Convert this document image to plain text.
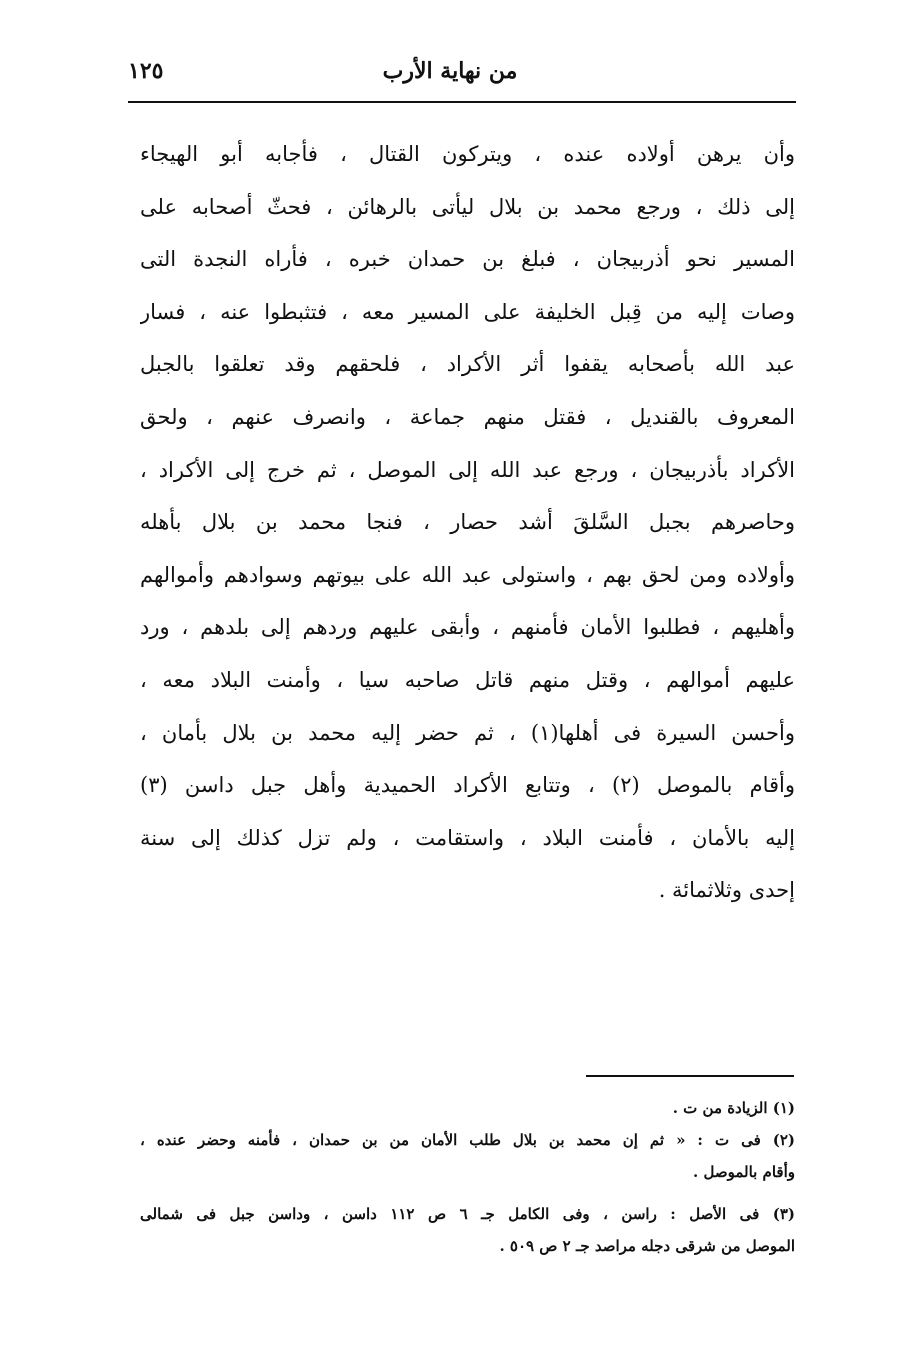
من نهاية الأرب
١٢٥
وأن يرهن أولاده عنده ، ويتركون القتال ، فأجابه أبو الهيجاء
إلى ذلك ، ورجع محمد بن بلال ليأتى بالرهائن ، فحثّ أصحابه على
المسير نحو أذربيجان ، فبلغ بن حمدان خبره ، فأراه النجدة التى
وصات إليه من قِبل الخليفة على المسير معه ، فتثبطوا عنه ، فسار
عبد الله بأصحابه يقفوا أثر الأكراد ، فلحقهم وقد تعلقوا بالجبل
المعروف بالقنديل ، فقتل منهم جماعة ، وانصرف عنهم ، ولحق
الأكراد بأذربيجان ، ورجع عبد الله إلى الموصل ، ثم خرج إلى الأكراد ،
وحاصرهم بجبل السَّلقَ أشد حصار ، فنجا محمد بن بلال بأهله
وأولاده ومن لحق بهم ، واستولى عبد الله على بيوتهم وسوادهم وأموالهم
وأهليهم ، فطلبوا الأمان فأمنهم ، وأبقى عليهم وردهم إلى بلدهم ، ورد
عليهم أموالهم ، وقتل منهم قاتل صاحبه سيا ، وأمنت البلاد معه ،
وأحسن السيرة فى أهلها(١) ، ثم حضر إليه محمد بن بلال بأمان ،
وأقام بالموصل (٢) ، وتتابع الأكراد الحميدية وأهل جبل داسن (٣)
إليه بالأمان ، فأمنت البلاد ، واستقامت ، ولم تزل كذلك إلى سنة
إحدى وثلاثمائة .
(١) الزيادة من ت .
(٢) فى ت : « ثم إن محمد بن بلال طلب الأمان من بن حمدان ، فأمنه وحضر عنده ،
وأقام بالموصل .
(٣) فى الأصل : راسن ، وفى الكامل جـ ٦ ص ١١٢ داسن ، وداسن جبل فى شمالى
الموصل من شرقى دجله مراصد جـ ٢ ص ٥٠٩ .
